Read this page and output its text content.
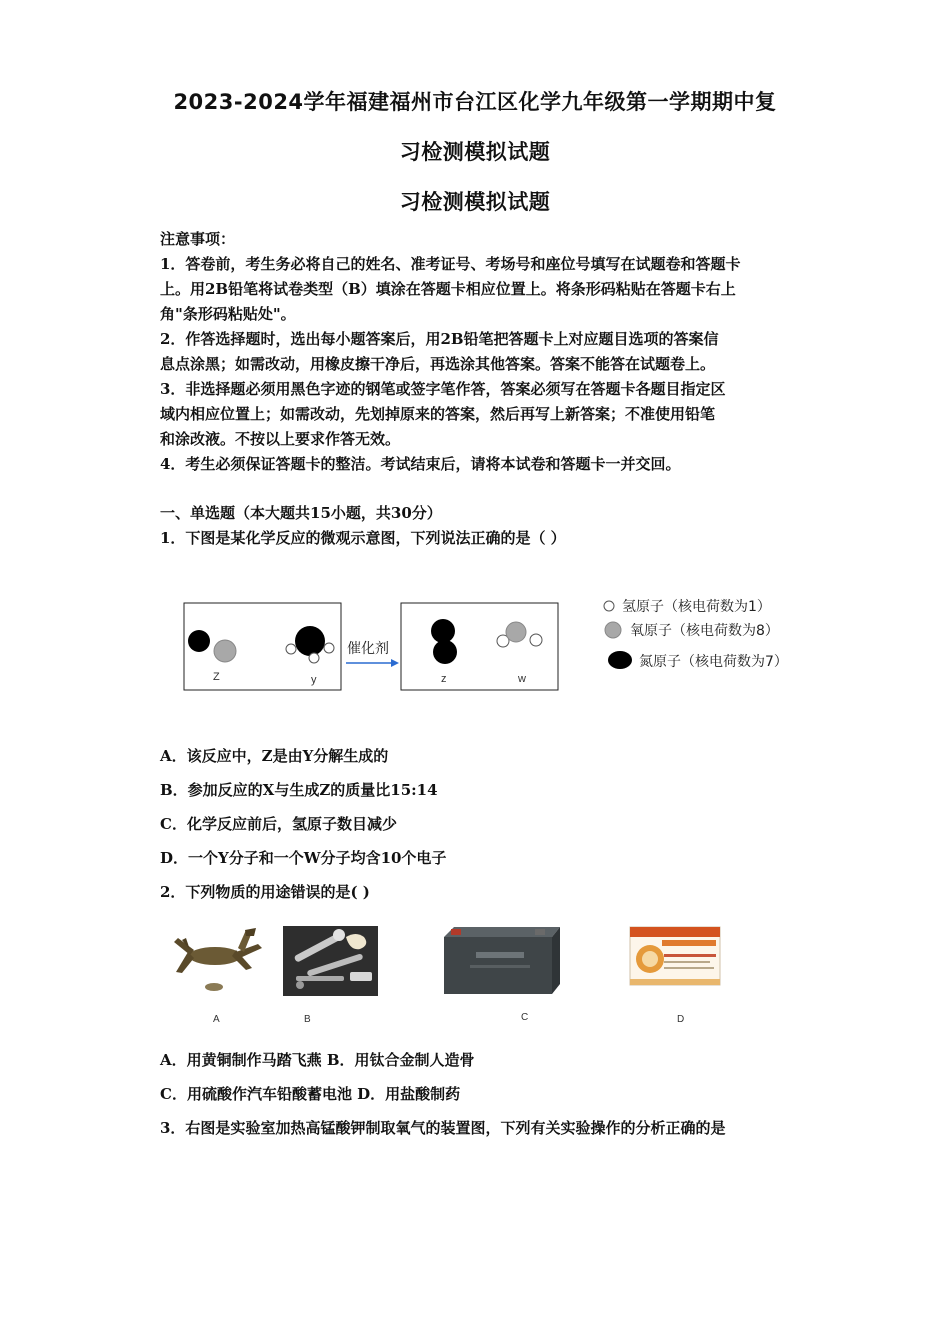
2023-2024学年福建福州市台江区化学九年级第一学期期中复
习检测模拟试题
习检测模拟试题
注意事项：
1．答卷前，考生务必将自己的姓名、准考证号、考场号和座位号填写在试题卷和答题卡
上。用2B铅笔将试卷类型（B）填涂在答题卡相应位置上。将条形码粘贴在答题卡右上
角"条形码粘贴处"。
2．作答选择题时，选出每小题答案后，用2B铅笔把答题卡上对应题目选项的答案信
息点涂黑；如需改动，用橡皮擦干净后，再选涂其他答案。答案不能答在试题卷上。
3．非选择题必须用黑色字迹的钢笔或签字笔作答，答案必须写在答题卡各题目指定区
域内相应位置上；如需改动，先划掉原来的答案，然后再写上新答案；不准使用铅笔
和涂改液。不按以上要求作答无效。
4．考生必须保证答题卡的整洁。考试结束后，请将本试卷和答题卡一并交回。
一、单选题（本大题共15小题，共30分）
1．下图是某化学反应的微观示意图，下列说法正确的是（ ）
Z	y
催化剂
z	w
氢原子（核电荷数为1）
氧原子（核电荷数为8）
氮原子（核电荷数为7）
A．该反应中，Z是由Y分解生成的
B．参加反应的X与生成Z的质量比15:14
C．化学反应前后，氢原子数目减少
D．一个Y分子和一个W分子均含10个电子
2．下列物质的用途错误的是( )
A	B	C	D
A．用黄铜制作马踏飞燕 B．用钛合金制人造骨
C．用硫酸作汽车铅酸蓄电池 D．用盐酸制药
3．右图是实验室加热高锰酸钾制取氧气的装置图，下列有关实验操作的分析正确的是
